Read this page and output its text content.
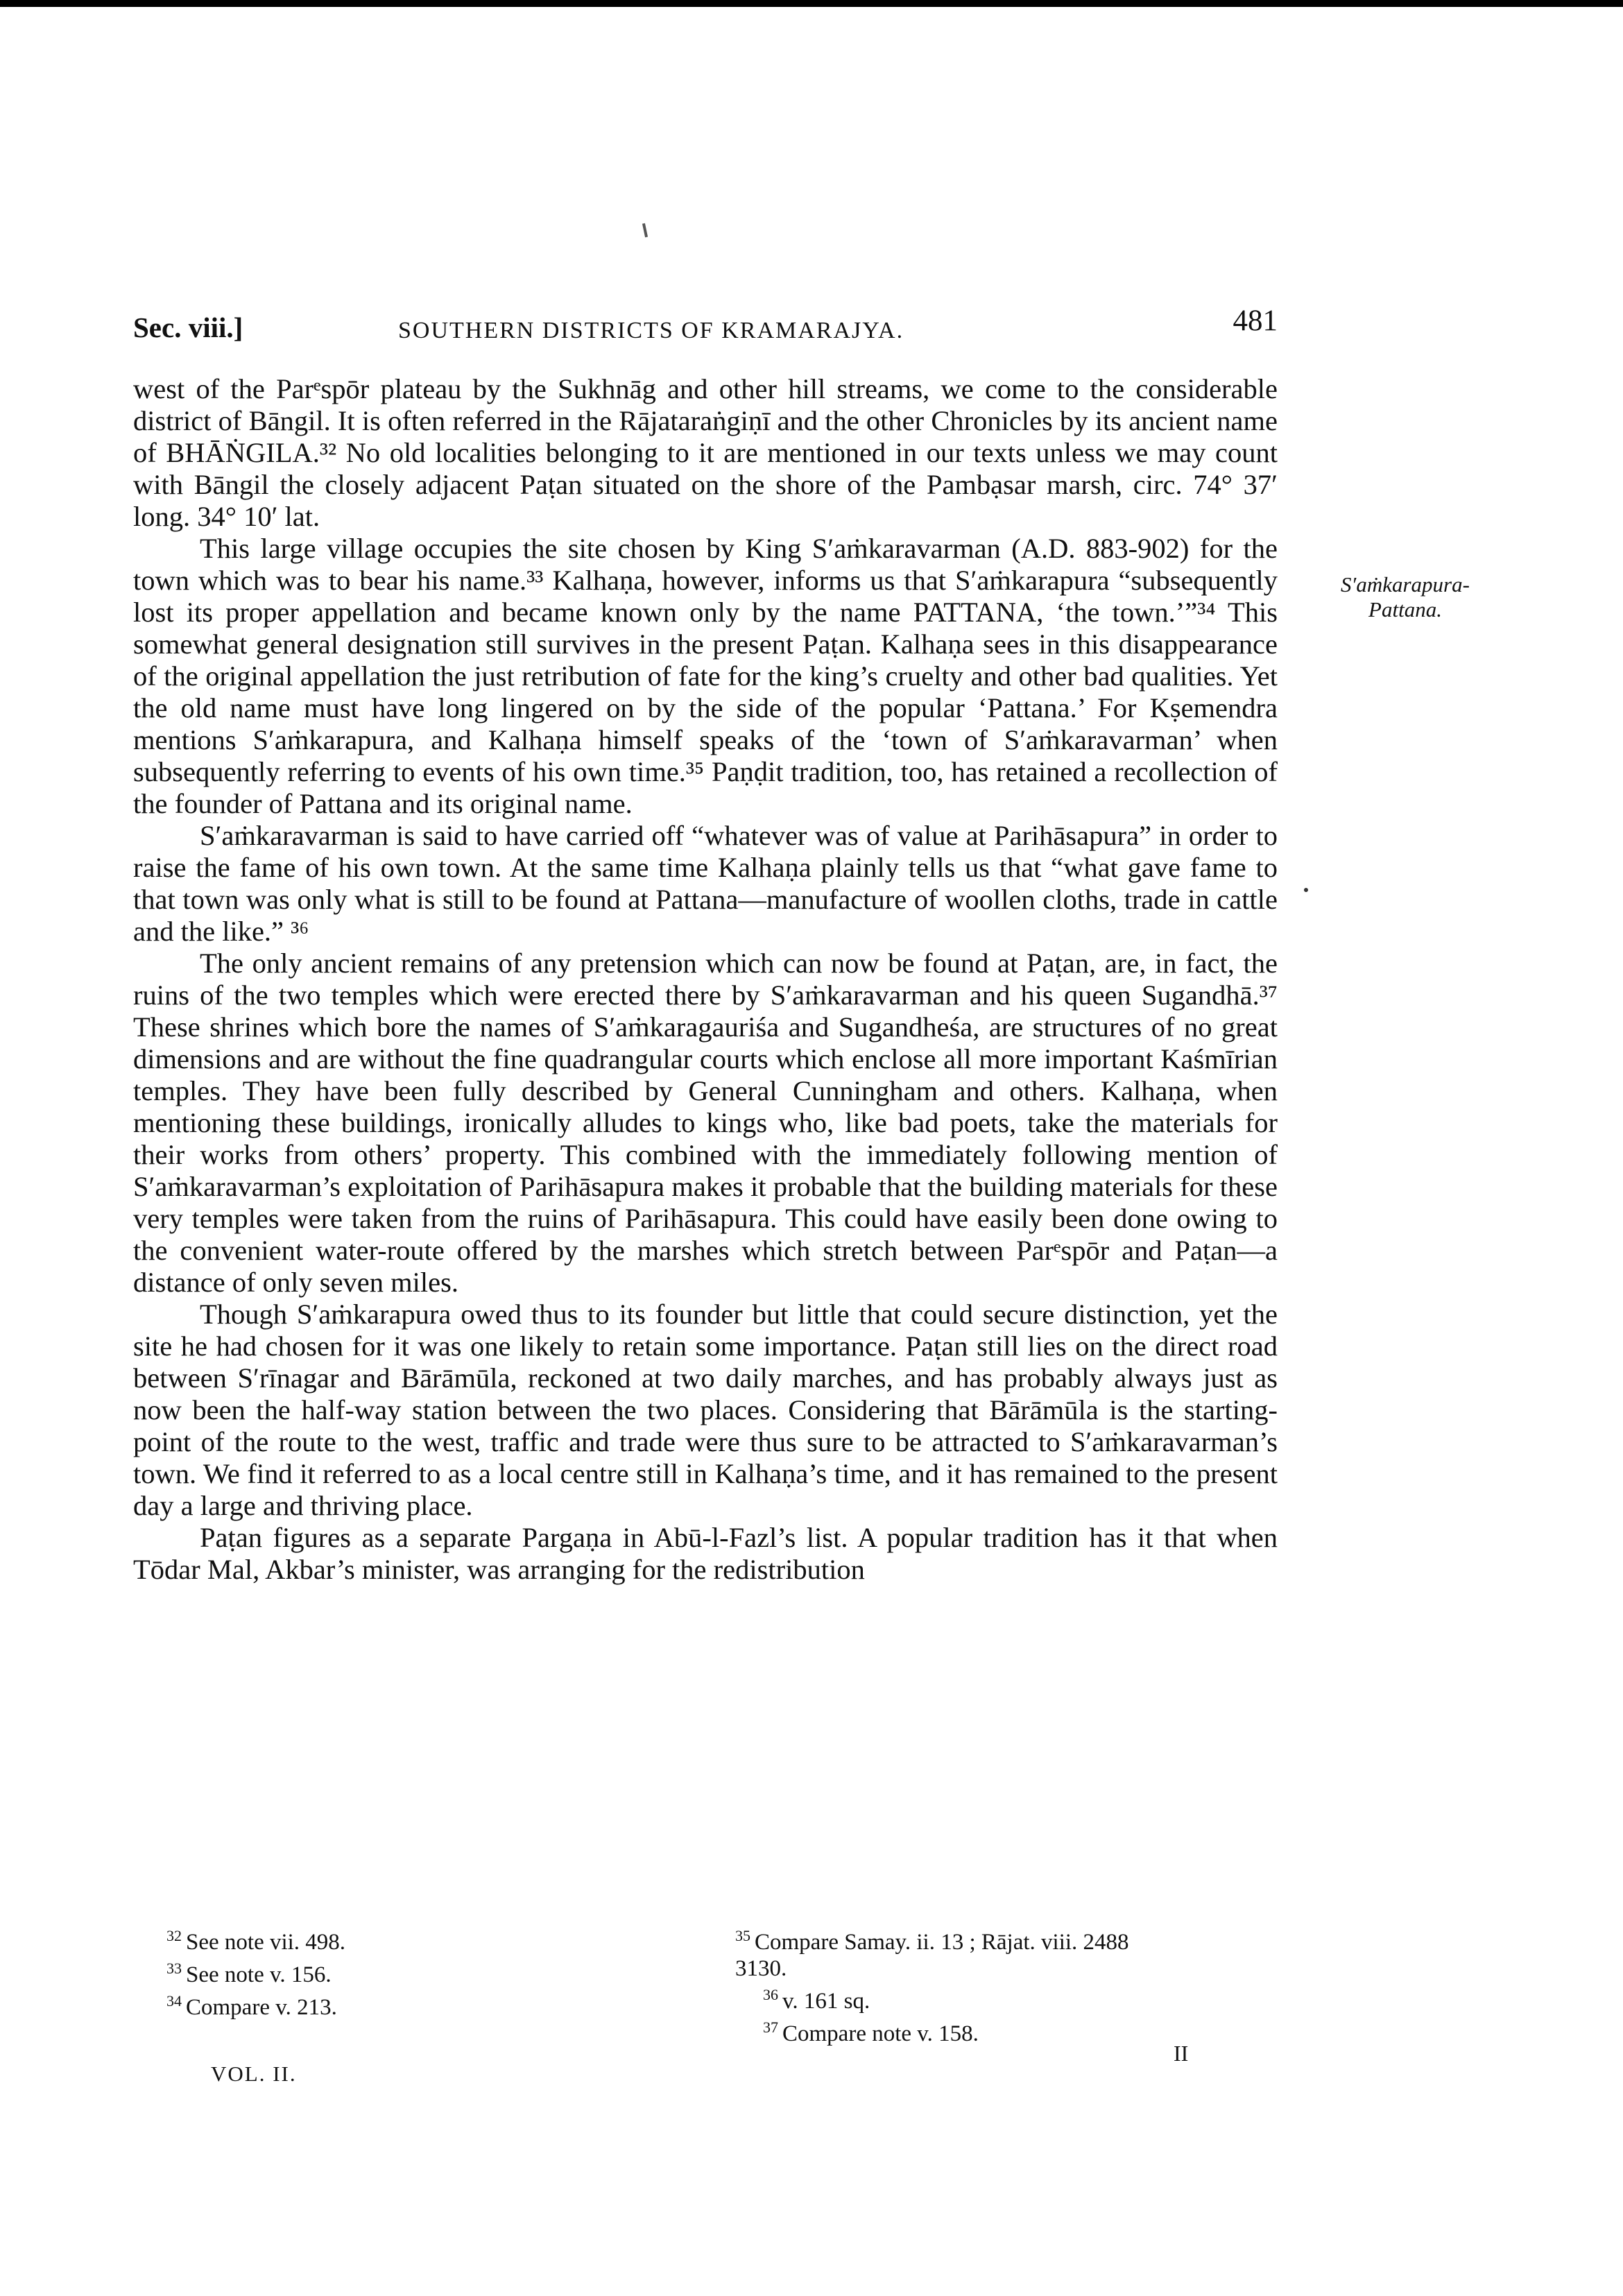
Sec. viii.]	SOUTHERN DISTRICTS OF KRAMARAJYA.	481

west of the Parᵉspōr plateau by the Sukhnāg and other hill streams, we come to the considerable district of Bāngil. It is often referred in the Rājataraṅgiṇī and the other Chronicles by its ancient name of BHĀṄGILA.³² No old localities belonging to it are mentioned in our texts unless we may count with Bāngil the closely adjacent Paṭan situated on the shore of the Pambạsar marsh, circ. 74° 37′ long. 34° 10′ lat.

This large village occupies the site chosen by King S′aṁkaravarman (A.D. 883-902) for the town which was to bear his name.³³ Kalhaṇa, however, informs us that S′aṁkarapura “subsequently lost its proper appellation and became known only by the name PATTANA, ‘the town.’”³⁴ This somewhat general designation still survives in the present Paṭan. Kalhaṇa sees in this disappearance of the original appellation the just retribution of fate for the king’s cruelty and other bad qualities. Yet the old name must have long lingered on by the side of the popular ‘Pattana.’ For Kṣemendra mentions S′aṁkarapura, and Kalhaṇa himself speaks of the ‘town of S′aṁkaravarman’ when subsequently referring to events of his own time.³⁵ Paṇḍit tradition, too, has retained a recollection of the founder of Pattana and its original name.

S′aṁkaravarman is said to have carried off “whatever was of value at Parihāsapura” in order to raise the fame of his own town. At the same time Kalhaṇa plainly tells us that “what gave fame to that town was only what is still to be found at Pattana—manufacture of woollen cloths, trade in cattle and the like.” ³⁶

The only ancient remains of any pretension which can now be found at Paṭan, are, in fact, the ruins of the two temples which were erected there by S′aṁkaravarman and his queen Sugandhā.³⁷ These shrines which bore the names of S′aṁkaragauriśa and Sugandheśa, are structures of no great dimensions and are without the fine quadrangular courts which enclose all more important Kaśmīrian temples. They have been fully described by General Cunningham and others. Kalhaṇa, when mentioning these buildings, ironically alludes to kings who, like bad poets, take the materials for their works from others’ property. This combined with the immediately following mention of S′aṁkaravarman’s exploitation of Parihāsapura makes it probable that the building materials for these very temples were taken from the ruins of Parihāsapura. This could have easily been done owing to the convenient water-route offered by the marshes which stretch between Parᵉspōr and Paṭan—a distance of only seven miles.

Though S′aṁkarapura owed thus to its founder but little that could secure distinction, yet the site he had chosen for it was one likely to retain some importance. Paṭan still lies on the direct road between S′rīnagar and Bārāmūla, reckoned at two daily marches, and has probably always just as now been the half-way station between the two places. Considering that Bārāmūla is the starting-point of the route to the west, traffic and trade were thus sure to be attracted to S′aṁkaravarman’s town. We find it referred to as a local centre still in Kalhaṇa’s time, and it has remained to the present day a large and thriving place.

Paṭan figures as a separate Pargaṇa in Abū-l-Fazl’s list. A popular tradition has it that when Tōdar Mal, Akbar’s minister, was arranging for the redistribution

S′aṁkarapura-
Pattana.
$^{32}$ See note vii. 498.
$^{33}$ See note v. 156.
$^{34}$ Compare v. 213.
$^{35}$ Compare Samay. ii. 13 ; Rājat. viii. 2488
3130.
$^{36}$ v. 161 sq.
$^{37}$ Compare note v. 158.
VOL. II.
II
